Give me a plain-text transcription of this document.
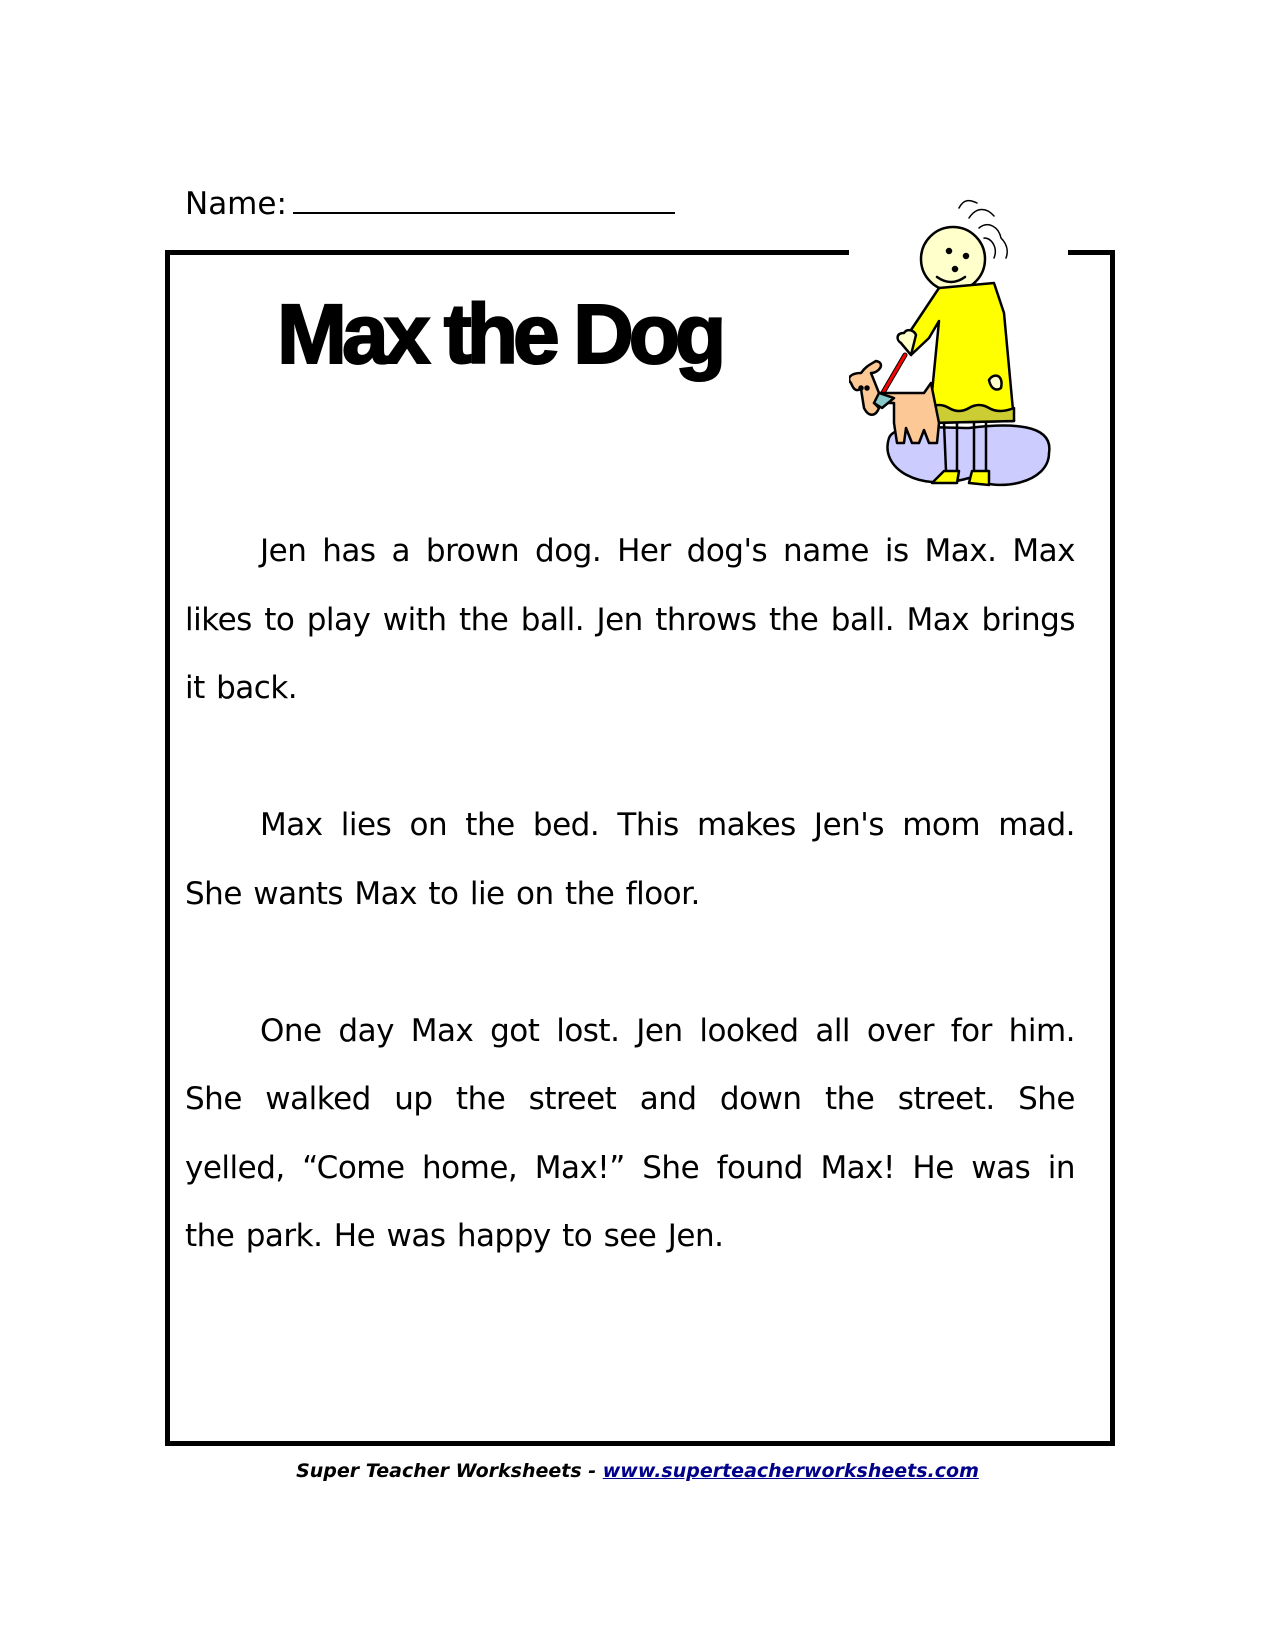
Name:
Max the Dog

Jen has a brown dog. Her dog's name is Max. Max likes to play with the ball. Jen throws the ball. Max brings it back.

Max lies on the bed. This makes Jen's mom mad. She wants Max to lie on the floor.

One day Max got lost. Jen looked all over for him. She walked up the street and down the street. She yelled, “Come home, Max!” She found Max! He was in the park. He was happy to see Jen.

Super Teacher Worksheets - www.superteacherworksheets.com
